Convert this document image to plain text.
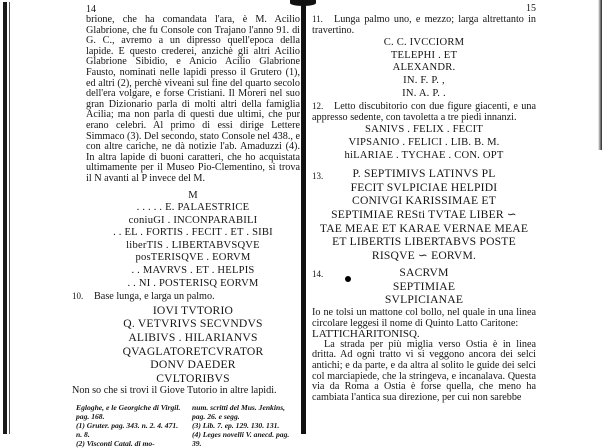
14

brione, che ha comandata l'ara, è M. Acilio Glabrione, che fu Console con Trajano l'anno 91. di G. C., avremo a un dipresso quell'epoca della lapide. E questo crederei, anzichè gli altri Acilio Glabrione Sibidio, e Anicio Acilio Glabrione Fausto, nominati nelle lapidi presso il Grutero (1), ed altri (2), perchè viveani sul fine del quarto secolo dell'era volgare, e forse Cristiani. Il Moreri nel suo gran Dizionario parla di molti altri della famiglia Acilia; ma non parla di questi due ultimi, che pur erano celebri. Al primo di essi dirige Lettere Simmaco (3). Del secondo, stato Console nel 438., e con altre cariche, ne dà notizie l'ab. Amaduzzi (4). In altra lapide di buoni caratteri, che ho acquistata ultimamente per il Museo Pio-Clementino, si trova il N avanti al P invece del M.

M
. . . . . E. PALAESTRICE
coniuGI . INCONPARABILI
. . EL . FORTIS . FECIT . ET . SIBI
liberTIS . LIBERTABVSQVE
posTERISQVE . EORVM
. . MAVRVS . ET . HELPIS
. . NI . POSTERISQ EORVM
10. Base lunga, e larga un palmo.
IOVI TVTORIO
Q. VETVRIVS SECVNDVS
ALIBIVS . HILARIANVS
QVAGLATORETCVRATOR
DONV DAEDER
CVLTORIBVS
Non so che si trovi il Giove Tutorio in altre lapidi.

Egloghe, e le Georgiche di Virgil. pag. 168.

(1) Gruter. pag. 343. n. 2. 4. 471. n. 8.

(2) Visconti Catal. di mo-

num. scritti del Mus. Jenkins, pag. 26. e segg.

(3) Lib. 7. ep. 129. 130. 131.

(4) Leges novelli V. anecd. pag. 39.

15
11. Lunga palmo uno, e mezzo; larga altrettanto in travertino.
C. C. IVCCIORM
TELEPHI . ET
ALEXANDR.
IN. F. P. ,
IN. A. P. .
12. Letto discubitorio con due figure giacenti, e una appresso sedente, con tavoletta a tre piedi innanzi.
SANIVS . FELIX . FECIT
VIPSANIO . FELICI . LIB. B. M.
hiLARIAE . TYCHAE . CON. OPT
13.	P. SEPTIMIVS LATINVS PL
FECIT SVLPICIAE HELPIDI
CONIVGI KARISSIMAE ET
SEPTIMIAE RESti TVTAE LIBER ∽
TAE MEAE ET KARAE VERNAE MEAE
ET LIBERTIS LIBERTABVS POSTE
RISQVE ∽ EORVM.
14.	SACRVM
SEPTIMIAE
SVLPICIANAE

Io ne tolsi un mattone col bollo, nel quale in una linea circolare leggesi il nome di Quinto Latto Caritone:

LATTICHARITONISQ.

La strada per più miglia verso Ostia è in linea dritta. Ad ogni tratto vi si veggono ancora dei selci antichi; e da parte, e da altra al solito le guide dei selci col marciapiede, che la stringeva, e incanalava. Questa via da Roma a Ostia è forse quella, che meno ha cambiata l'antica sua direzione, per cui non sarebbe
